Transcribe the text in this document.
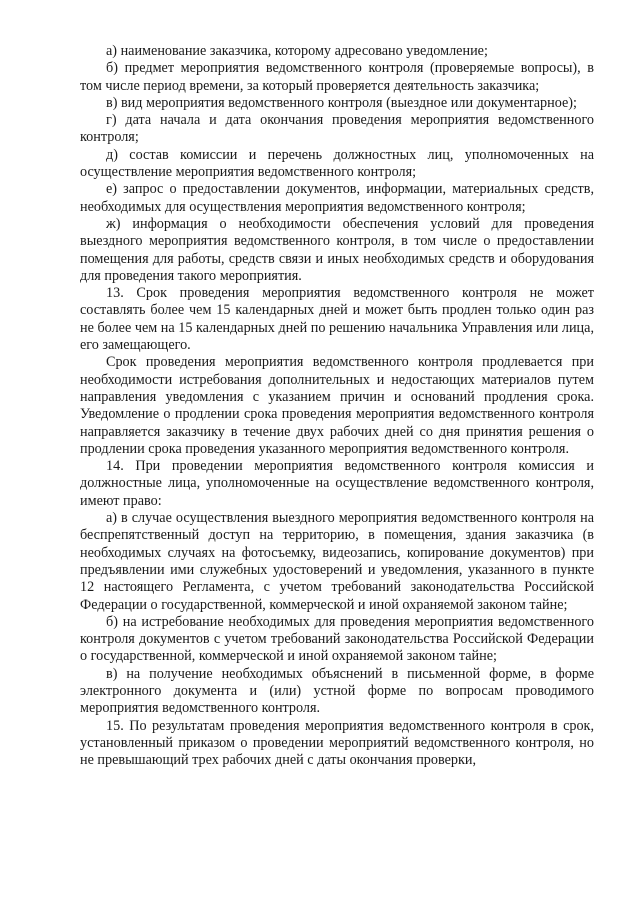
а) наименование заказчика, которому адресовано уведомление;

б) предмет мероприятия ведомственного контроля (проверяемые вопросы), в том числе период времени, за который проверяется деятельность заказчика;

в) вид мероприятия ведомственного контроля (выездное или документарное);

г) дата начала и дата окончания проведения мероприятия ведомственного контроля;

д) состав комиссии и перечень должностных лиц, уполномоченных на осуществление мероприятия ведомственного контроля;

е) запрос о предоставлении документов, информации, материальных средств, необходимых для осуществления мероприятия ведомственного контроля;

ж) информация о необходимости обеспечения условий для проведения выездного мероприятия ведомственного контроля, в том числе о предоставлении помещения для работы, средств связи и иных необходимых средств и оборудования для проведения такого мероприятия.

13. Срок проведения мероприятия ведомственного контроля не может составлять более чем 15 календарных дней и может быть продлен только один раз не более чем на 15 календарных дней по решению начальника Управления или лица, его замещающего.

Срок проведения мероприятия ведомственного контроля продлевается при необходимости истребования дополнительных и недостающих материалов путем направления уведомления с указанием причин и оснований продления срока. Уведомление о продлении срока проведения мероприятия ведомственного контроля направляется заказчику в течение двух рабочих дней со дня принятия решения о продлении срока проведения указанного мероприятия ведомственного контроля.

14. При проведении мероприятия ведомственного контроля комиссия и должностные лица, уполномоченные на осуществление ведомственного контроля, имеют право:

а) в случае осуществления выездного мероприятия ведомственного контроля на беспрепятственный доступ на территорию, в помещения, здания заказчика (в необходимых случаях на фотосъемку, видеозапись, копирование документов) при предъявлении ими служебных удостоверений и уведомления, указанного в пункте 12 настоящего Регламента, с учетом требований законодательства Российской Федерации о государственной, коммерческой и иной охраняемой законом тайне;

б) на истребование необходимых для проведения мероприятия ведомственного контроля документов с учетом требований законодательства Российской Федерации о государственной, коммерческой и иной охраняемой законом тайне;

в) на получение необходимых объяснений в письменной форме, в форме электронного документа и (или) устной форме по вопросам проводимого мероприятия ведомственного контроля.

15. По результатам проведения мероприятия ведомственного контроля в срок, установленный приказом о проведении мероприятий ведомственного контроля, но не превышающий трех рабочих дней с даты окончания проверки,
